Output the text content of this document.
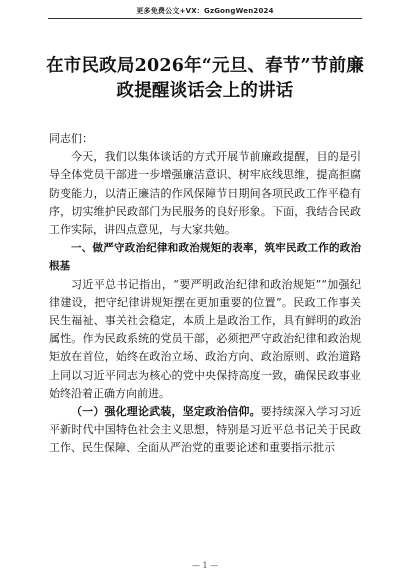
更多免费公文+VX：GzGongWen2024
在市民政局2026年“元旦、春节”节前廉政提醒谈话会上的讲话

同志们：

今天，我们以集体谈话的方式开展节前廉政提醒，目的是引导全体党员干部进一步增强廉洁意识、树牢底线思维，提高拒腐防变能力，以清正廉洁的作风保障节日期间各项民政工作平稳有序，切实维护民政部门为民服务的良好形象。下面，我结合民政工作实际，讲四点意见，与大家共勉。

一、做严守政治纪律和政治规矩的表率，筑牢民政工作的政治根基

习近平总书记指出，“要严明政治纪律和政治规矩”“加强纪律建设，把守纪律讲规矩摆在更加重要的位置”。民政工作事关民生福祉、事关社会稳定，本质上是政治工作，具有鲜明的政治属性。作为民政系统的党员干部，必须把严守政治纪律和政治规矩放在首位，始终在政治立场、政治方向、政治原则、政治道路上同以习近平同志为核心的党中央保持高度一致，确保民政事业始终沿着正确方向前进。

（一）强化理论武装，坚定政治信仰。要持续深入学习习近平新时代中国特色社会主义思想，特别是习近平总书记关于民政工作、民生保障、全面从严治党的重要论述和重要指示批示

— 1 —
